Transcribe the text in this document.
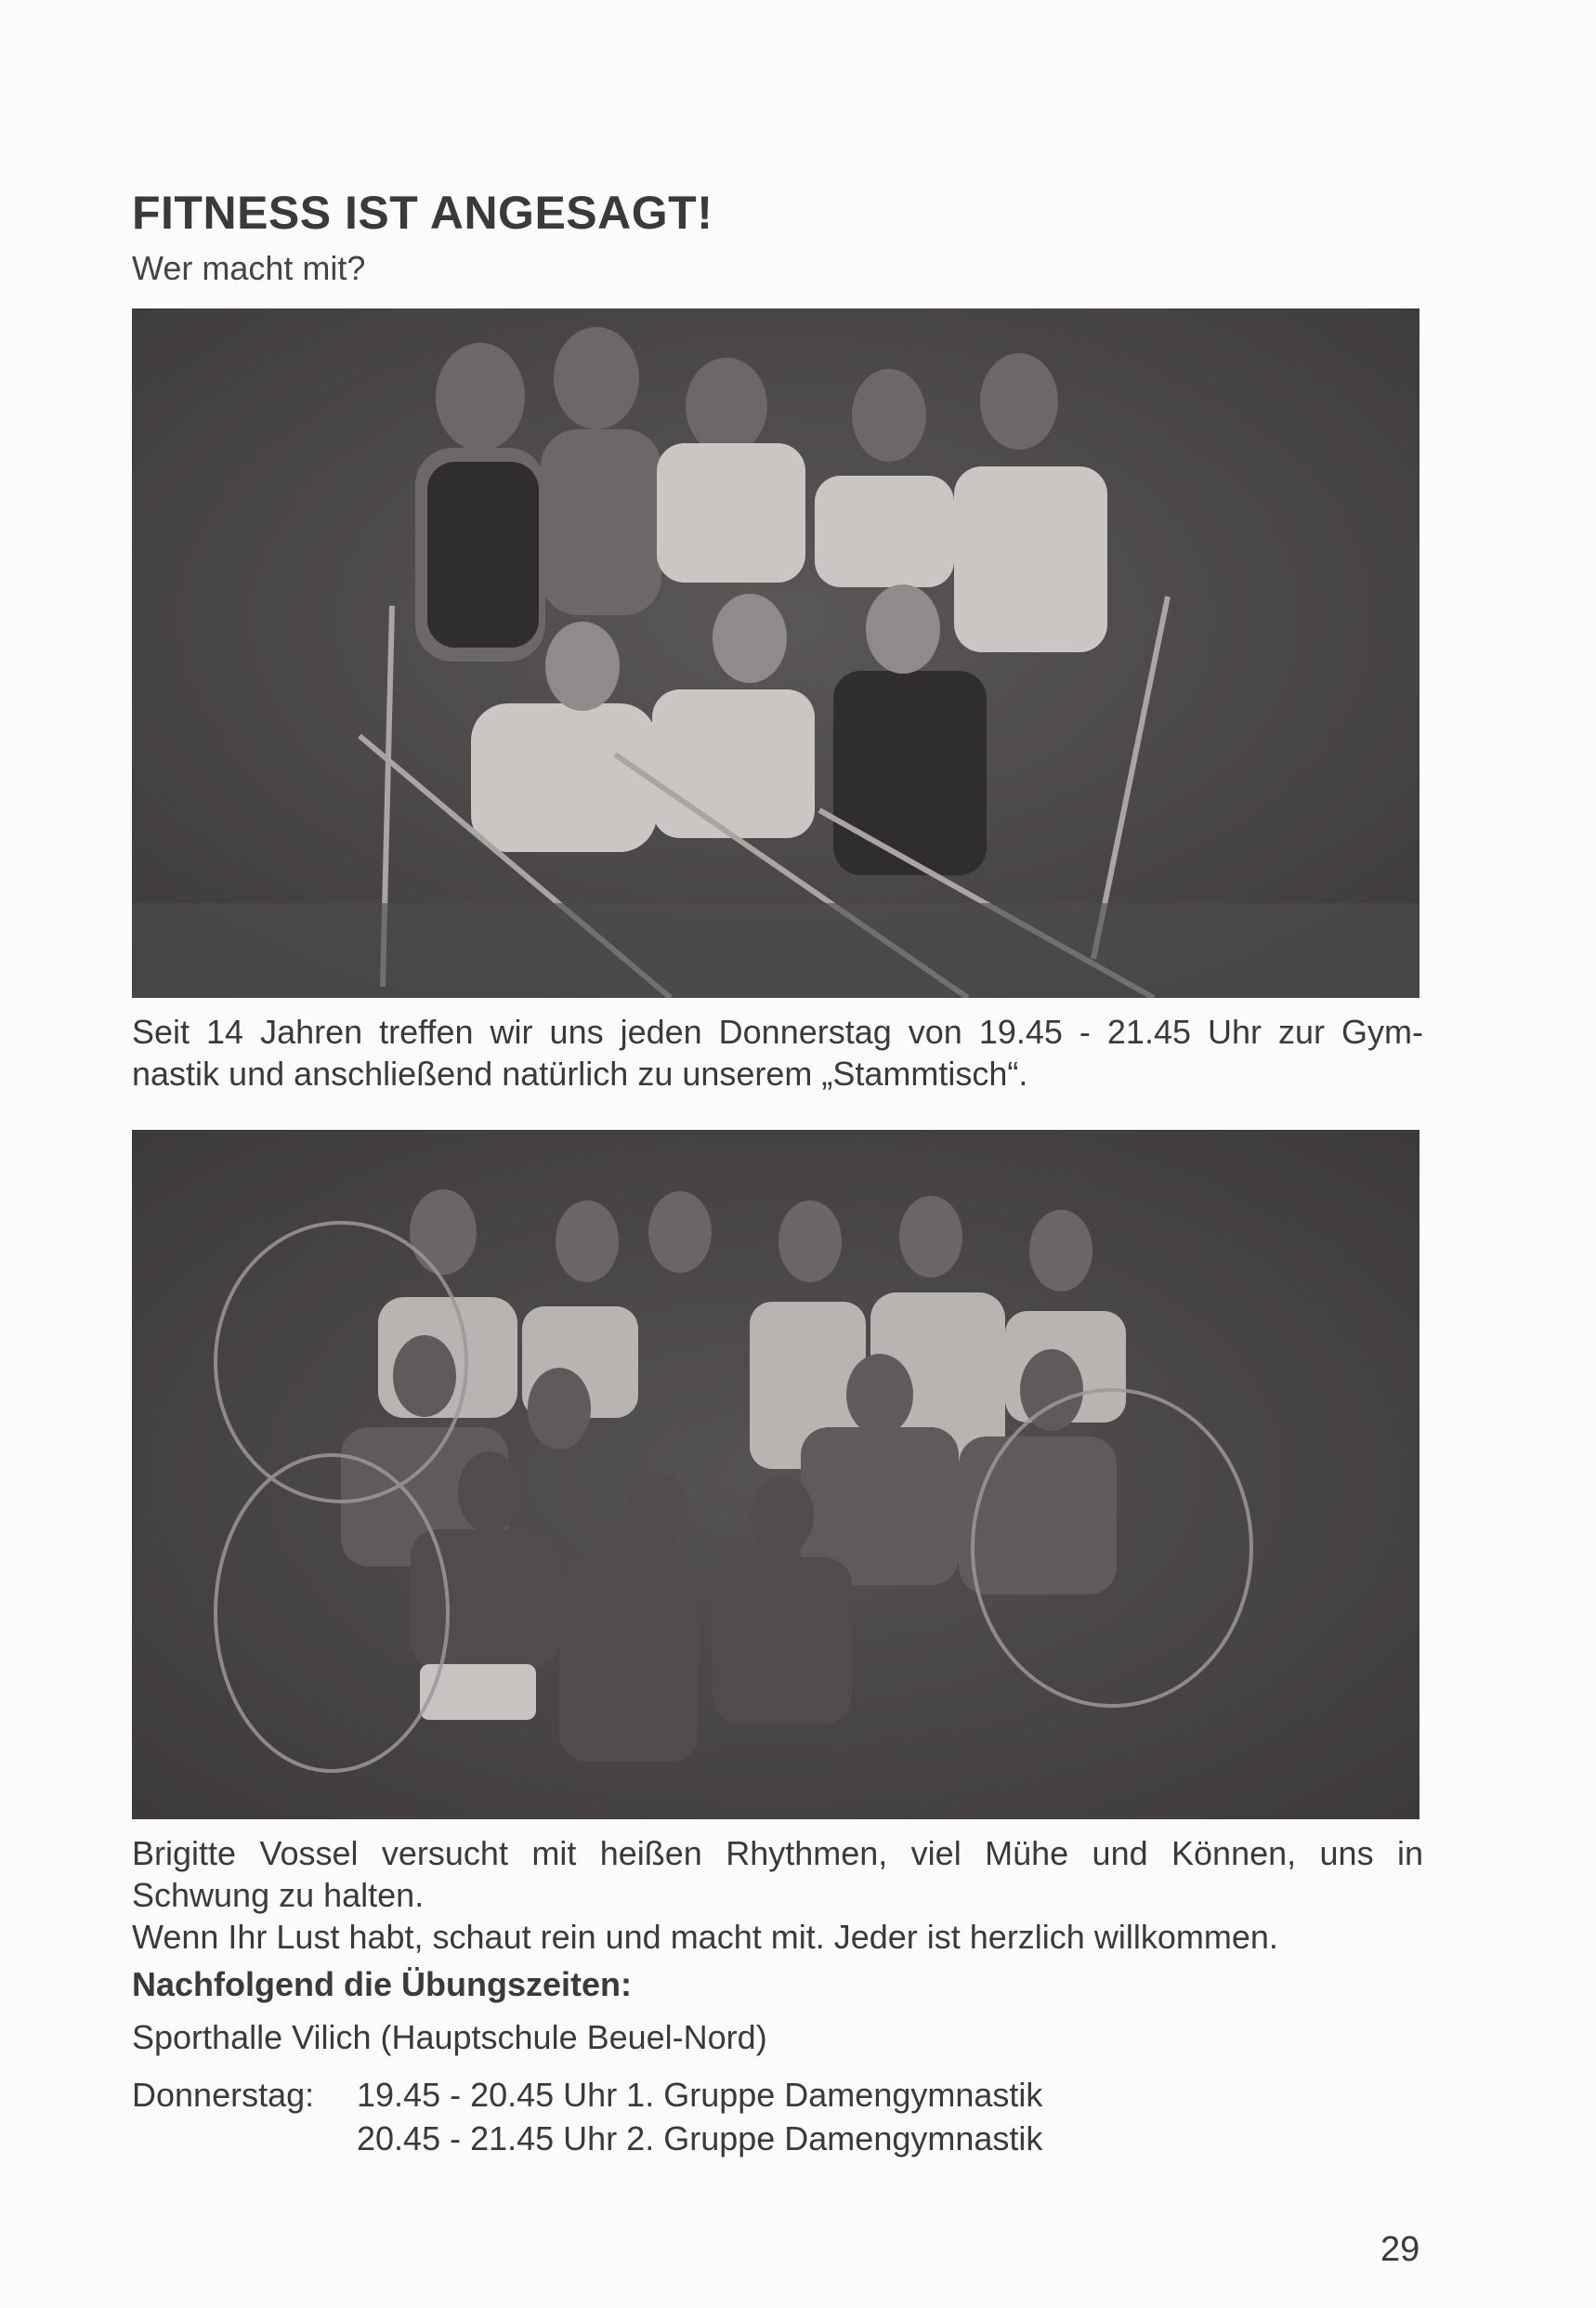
FITNESS IST ANGESAGT!
Wer macht mit?
Seit 14 Jahren treffen wir uns jeden Donnerstag von 19.45 - 21.45 Uhr zur Gym-
nastik und anschließend natürlich zu unserem „Stammtisch“.
Brigitte Vossel versucht mit heißen Rhythmen, viel Mühe und Können, uns in
Schwung zu halten.
Wenn Ihr Lust habt, schaut rein und macht mit. Jeder ist herzlich willkommen.
Nachfolgend die Übungszeiten:
Sporthalle Vilich (Hauptschule Beuel-Nord)
Donnerstag: 19.45 - 20.45 Uhr 1. Gruppe Damengymnastik
20.45 - 21.45 Uhr 2. Gruppe Damengymnastik
29
